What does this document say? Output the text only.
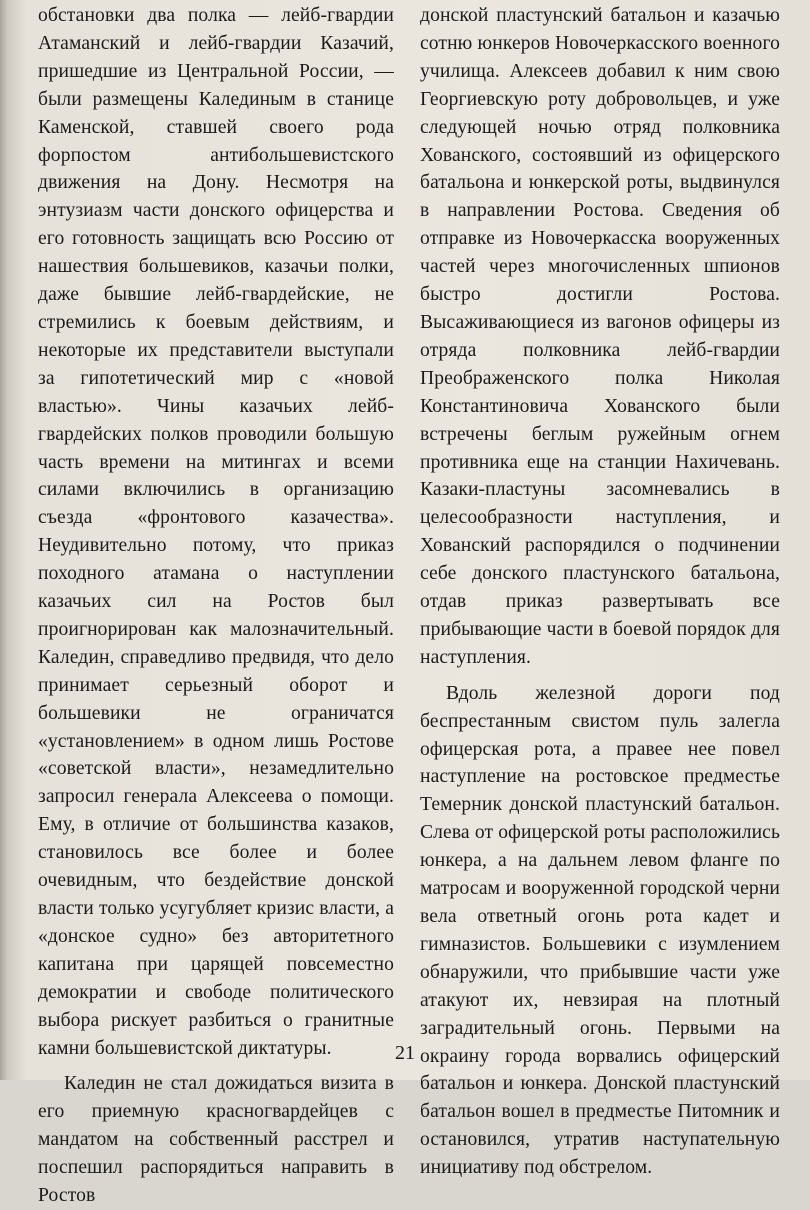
обстановки два полка — лейб-гвардии Атаманский и лейб-гвардии Казачий, пришедшие из Центральной России, — были размещены Калединым в станице Каменской, ставшей своего рода форпостом антибольшевистского движения на Дону. Несмотря на энтузиазм части донского офицерства и его готовность защищать всю Россию от нашествия большевиков, казачьи полки, даже бывшие лейб-гвардейские, не стремились к боевым действиям, и некоторые их представители выступали за гипотетический мир с «новой властью». Чины казачьих лейб-гвардейских полков проводили большую часть времени на митингах и всеми силами включились в организацию съезда «фронтового казачества». Неудивительно потому, что приказ походного атамана о наступлении казачьих сил на Ростов был проигнорирован как малозначительный. Каледин, справедливо предвидя, что дело принимает серьезный оборот и большевики не ограничатся «установлением» в одном лишь Ростове «советской власти», незамедлительно запросил генерала Алексеева о помощи. Ему, в отличие от большинства казаков, становилось все более и более очевидным, что бездействие донской власти только усугубляет кризис власти, а «донское судно» без авторитетного капитана при царящей повсеместно демократии и свободе политического выбора рискует разбиться о гранитные камни большевистской диктатуры.

Каледин не стал дожидаться визита в его приемную красногвардейцев с мандатом на собственный расстрел и поспешил распорядиться направить в Ростов

донской пластунский батальон и казачью сотню юнкеров Новочеркасского военного училища. Алексеев добавил к ним свою Георгиевскую роту добровольцев, и уже следующей ночью отряд полковника Хованского, состоявший из офицерского батальона и юнкерской роты, выдвинулся в направлении Ростова. Сведения об отправке из Новочеркасска вооруженных частей через многочисленных шпионов быстро достигли Ростова. Высаживающиеся из вагонов офицеры из отряда полковника лейб-гвардии Преображенского полка Николая Константиновича Хованского были встречены беглым ружейным огнем противника еще на станции Нахичевань. Казаки-пластуны засомневались в целесообразности наступления, и Хованский распорядился о подчинении себе донского пластунского батальона, отдав приказ развертывать все прибывающие части в боевой порядок для наступления.

Вдоль железной дороги под беспрестанным свистом пуль залегла офицерская рота, а правее нее повел наступление на ростовское предместье Темерник донской пластунский батальон. Слева от офицерской роты расположились юнкера, а на дальнем левом фланге по матросам и вооруженной городской черни вела ответный огонь рота кадет и гимназистов. Большевики с изумлением обнаружили, что прибывшие части уже атакуют их, невзирая на плотный заградительный огонь. Первыми на окраину города ворвались офицерский батальон и юнкера. Донской пластунский батальон вошел в предместье Питомник и остановился, утратив наступательную инициативу под обстрелом.

21
